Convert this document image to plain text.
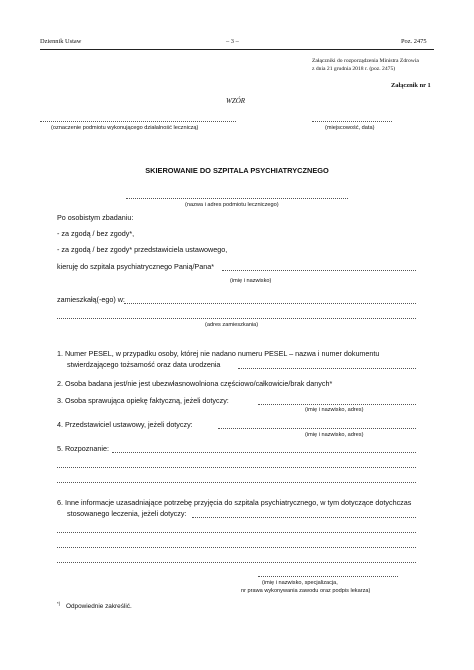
Dziennik Ustaw	– 3 –	Poz. 2475
Załączniki do rozporządzenia Ministra Zdrowia
z dnia 21 grudnia 2018 r. (poz. 2475)
Załącznik nr 1
WZÓR
(oznaczenie podmiotu wykonującego działalność leczniczą)	(miejscowość, data)
SKIEROWANIE DO SZPITALA PSYCHIATRYCZNEGO
(nazwa i adres podmiotu leczniczego)
Po osobistym zbadaniu:
- za zgodą / bez zgody*,
- za zgodą / bez zgody* przedstawiciela ustawowego,
kieruję do szpitala psychiatrycznego Panią/Pana*
(imię i nazwisko)
zamieszkałą(-ego) w:
(adres zamieszkania)
1. Numer PESEL, w przypadku osoby, której nie nadano numeru PESEL – nazwa i numer dokumentu
stwierdzającego tożsamość oraz data urodzenia
2. Osoba badana jest/nie jest ubezwłasnowolniona częściowo/całkowicie/brak danych*
3. Osoba sprawująca opiekę faktyczną, jeżeli dotyczy:
(imię i nazwisko, adres)
4. Przedstawiciel ustawowy, jeżeli dotyczy:
(imię i nazwisko, adres)
5. Rozpoznanie:
6. Inne informacje uzasadniające potrzebę przyjęcia do szpitala psychiatrycznego, w tym dotyczące dotychczas
stosowanego leczenia, jeżeli dotyczy:
(imię i nazwisko, specjalizacja,
nr prawa wykonywania zawodu oraz podpis lekarza)
*) Odpowiednie zakreślić.
